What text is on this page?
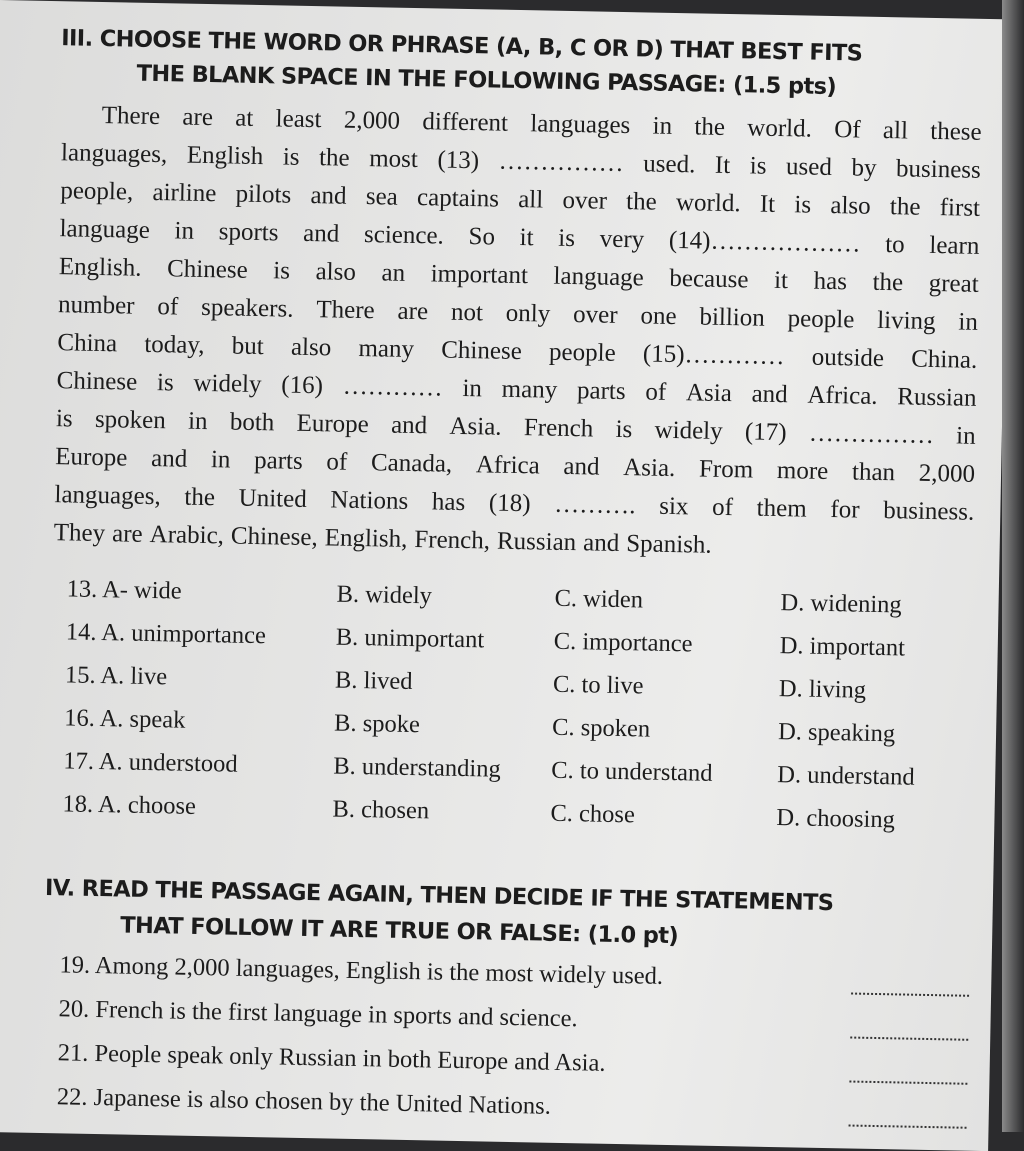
III. CHOOSE THE WORD OR PHRASE (A, B, C OR D) THAT BEST FITS
THE BLANK SPACE IN THE FOLLOWING PASSAGE: (1.5 pts)
There are at least 2,000 different languages in the world. Of all these
languages, English is the most (13) …………… used. It is used by business
people, airline pilots and sea captains all over the world. It is also the first
language in sports and science. So it is very (14)……………… to learn
English. Chinese is also an important language because it has the great
number of speakers. There are not only over one billion people living in
China today, but also many Chinese people (15)………… outside China.
Chinese is widely (16) ………… in many parts of Asia and Africa. Russian
is spoken in both Europe and Asia. French is widely (17) …………… in
Europe and in parts of Canada, Africa and Asia. From more than 2,000
languages, the United Nations has (18) ………. six of them for business.
They are Arabic, Chinese, English, French, Russian and Spanish.
13. A- wide	B. widely	C. widen	D. widening
14. A. unimportance	B. unimportant	C. importance	D. important
15. A. live	B. lived	C. to live	D. living
16. A. speak	B. spoke	C. spoken	D. speaking
17. A. understood	B. understanding C. to understand	D. understand
18. A. choose	B. chosen	C. chose	D. choosing
IV. READ THE PASSAGE AGAIN, THEN DECIDE IF THE STATEMENTS
THAT FOLLOW IT ARE TRUE OR FALSE: (1.0 pt)
19. Among 2,000 languages, English is the most widely used.
20. French is the first language in sports and science.
21. People speak only Russian in both Europe and Asia.
22. Japanese is also chosen by the United Nations.
